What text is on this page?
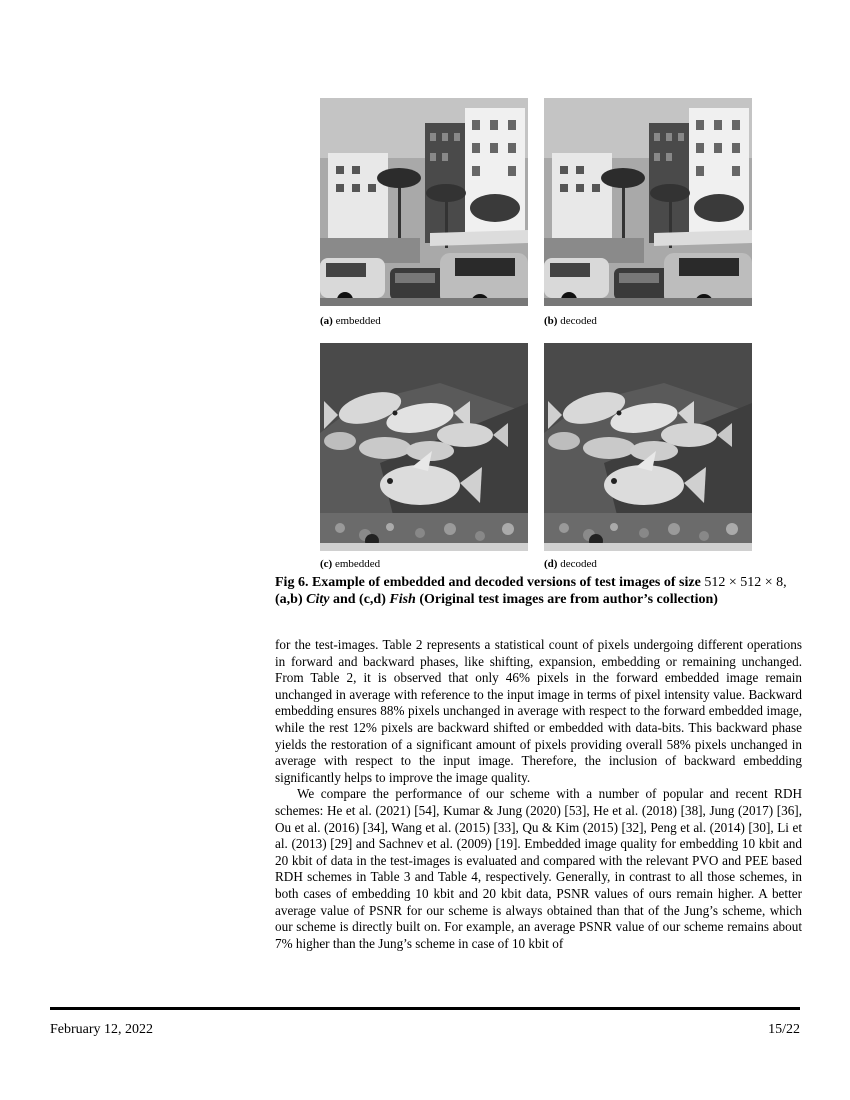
(a) embedded	(b) decoded
(c) embedded	(d) decoded
Fig 6. Example of embedded and decoded versions of test images of size 512 × 512 × 8,
(a,b) City and (c,d) Fish (Original test images are from author’s collection)

for the test-images. Table 2 represents a statistical count of pixels undergoing different operations in forward and backward phases, like shifting, expansion, embedding or remaining unchanged. From Table 2, it is observed that only 46% pixels in the forward embedded image remain unchanged in average with reference to the input image in terms of pixel intensity value. Backward embedding ensures 88% pixels unchanged in average with respect to the forward embedded image, while the rest 12% pixels are backward shifted or embedded with data-bits. This backward phase yields the restoration of a significant amount of pixels providing overall 58% pixels unchanged in average with respect to the input image. Therefore, the inclusion of backward embedding significantly helps to improve the image quality.

We compare the performance of our scheme with a number of popular and recent RDH schemes: He et al. (2021) [54], Kumar & Jung (2020) [53], He et al. (2018) [38], Jung (2017) [36], Ou et al. (2016) [34], Wang et al. (2015) [33], Qu & Kim (2015) [32], Peng et al. (2014) [30], Li et al. (2013) [29] and Sachnev et al. (2009) [19]. Embedded image quality for embedding 10 kbit and 20 kbit of data in the test-images is evaluated and compared with the relevant PVO and PEE based RDH schemes in Table 3 and Table 4, respectively. Generally, in contrast to all those schemes, in both cases of embedding 10 kbit and 20 kbit data, PSNR values of ours remain higher. A better average value of PSNR for our scheme is always obtained than that of the Jung’s scheme, which our scheme is directly built on. For example, an average PSNR value of our scheme remains about 7% higher than the Jung’s scheme in case of 10 kbit of

February 12, 2022	15/22
